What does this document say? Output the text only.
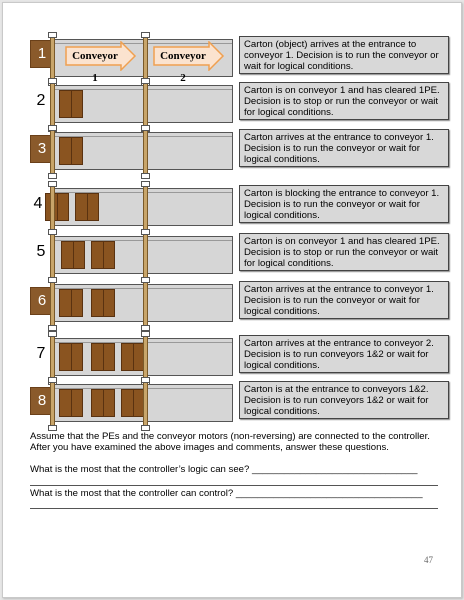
1	Conveyor 1
Conveyor 2
Carton (object) arrives at the entrance to conveyor 1. Decision is to run the conveyor or wait for logical conditions.
2
Carton is on conveyor 1 and has cleared 1PE. Decision is to stop or run the conveyor or wait for logical conditions.
3
Carton arrives at the entrance to conveyor 1. Decision is to run the conveyor or wait for logical conditions.
4
Carton is blocking the entrance to conveyor 1. Decision is to run the conveyor or wait for logical conditions.
5
Carton is on conveyor 1 and has cleared 1PE. Decision is to stop or run the conveyor or wait for logical conditions.
6
Carton arrives at the entrance to conveyor 1. Decision is to run the conveyor or wait for logical conditions.
7
Carton arrives at the entrance to conveyor 2. Decision is to run conveyors 1&2 or wait for logical conditions.
8
Carton is at the entrance to conveyors 1&2. Decision is to run conveyors 1&2 or wait for logical conditions.
Assume that the PEs and the conveyor motors (non-reversing) are connected to the controller. After you have examined the above images and comments, answer these questions.
What is the most that the controller’s logic can see? _______________________________
What is the most that the controller can control? ___________________________________
47
